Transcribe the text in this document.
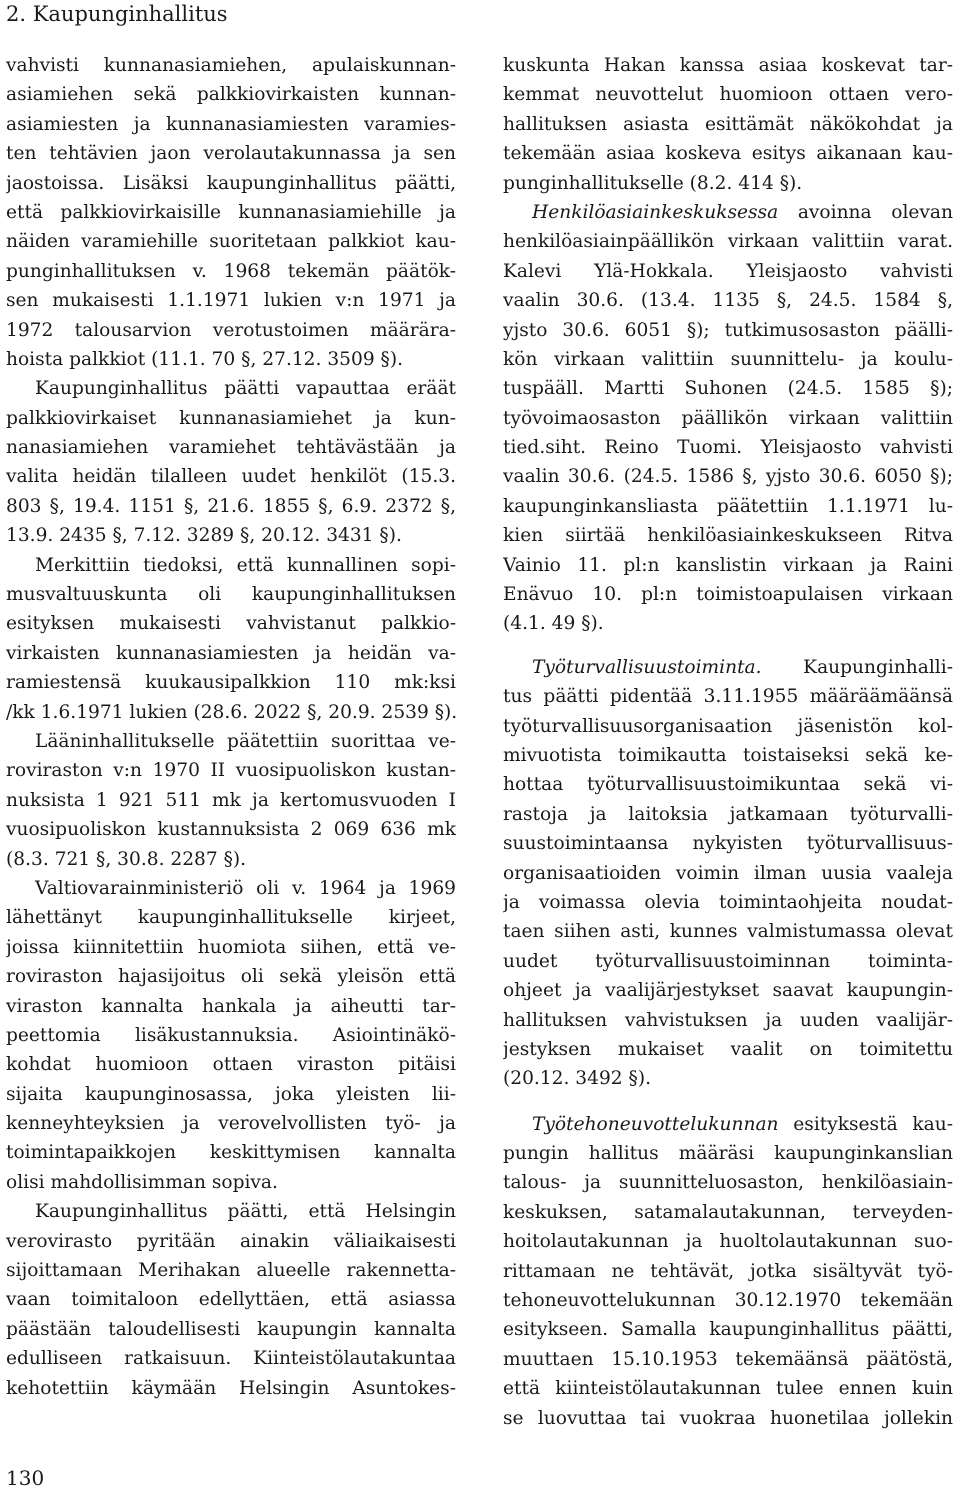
2. Kaupunginhallitus
vahvisti kunnanasiamiehen, apulaiskunnan-
asiamiehen sekä palkkiovirkaisten kunnan-
asiamiesten ja kunnanasiamiesten varamies-
ten tehtävien jaon verolautakunnassa ja sen
jaostoissa. Lisäksi kaupunginhallitus päätti,
että palkkiovirkaisille kunnanasiamiehille ja
näiden varamiehille suoritetaan palkkiot kau-
punginhallituksen v. 1968 tekemän päätök-
sen mukaisesti 1.1.1971 lukien v:n 1971 ja
1972 talousarvion verotustoimen määrära-
hoista palkkiot (11.1. 70 §, 27.12. 3509 §).
Kaupunginhallitus päätti vapauttaa eräät
palkkiovirkaiset kunnanasiamiehet ja kun-
nanasiamiehen varamiehet tehtävästään ja
valita heidän tilalleen uudet henkilöt (15.3.
803 §, 19.4. 1151 §, 21.6. 1855 §, 6.9. 2372 §,
13.9. 2435 §, 7.12. 3289 §, 20.12. 3431 §).
Merkittiin tiedoksi, että kunnallinen sopi-
musvaltuuskunta oli kaupunginhallituksen
esityksen mukaisesti vahvistanut palkkio-
virkaisten kunnanasiamiesten ja heidän va-
ramiestensä kuukausipalkkion 110 mk:ksi
/kk 1.6.1971 lukien (28.6. 2022 §, 20.9. 2539 §).
Lääninhallitukselle päätettiin suorittaa ve-
roviraston v:n 1970 II vuosipuoliskon kustan-
nuksista 1 921 511 mk ja kertomusvuoden I
vuosipuoliskon kustannuksista 2 069 636 mk
(8.3. 721 §, 30.8. 2287 §).
Valtiovarainministeriö oli v. 1964 ja 1969
lähettänyt kaupunginhallitukselle kirjeet,
joissa kiinnitettiin huomiota siihen, että ve-
roviraston hajasijoitus oli sekä yleisön että
viraston kannalta hankala ja aiheutti tar-
peettomia lisäkustannuksia. Asiointinäkö-
kohdat huomioon ottaen viraston pitäisi
sijaita kaupunginosassa, joka yleisten lii-
kenneyhteyksien ja verovelvollisten työ- ja
toimintapaikkojen keskittymisen kannalta
olisi mahdollisimman sopiva.
Kaupunginhallitus päätti, että Helsingin
verovirasto pyritään ainakin väliaikaisesti
sijoittamaan Merihakan alueelle rakennetta-
vaan toimitaloon edellyttäen, että asiassa
päästään taloudellisesti kaupungin kannalta
edulliseen ratkaisuun. Kiinteistölautakuntaa
kehotettiin käymään Helsingin Asuntokes-
kuskunta Hakan kanssa asiaa koskevat tar-
kemmat neuvottelut huomioon ottaen vero-
hallituksen asiasta esittämät näkökohdat ja
tekemään asiaa koskeva esitys aikanaan kau-
punginhallitukselle (8.2. 414 §).
Henkilöasiainkeskuksessa avoinna olevan
henkilöasiainpäällikön virkaan valittiin varat.
Kalevi Ylä-Hokkala. Yleisjaosto vahvisti
vaalin 30.6. (13.4. 1135 §, 24.5. 1584 §,
yjsto 30.6. 6051 §); tutkimusosaston päälli-
kön virkaan valittiin suunnittelu- ja koulu-
tuspääll. Martti Suhonen (24.5. 1585 §);
työvoimaosaston päällikön virkaan valittiin
tied.siht. Reino Tuomi. Yleisjaosto vahvisti
vaalin 30.6. (24.5. 1586 §, yjsto 30.6. 6050 §);
kaupunginkansliasta päätettiin 1.1.1971 lu-
kien siirtää henkilöasiainkeskukseen Ritva
Vainio 11. pl:n kanslistin virkaan ja Raini
Enävuo 10. pl:n toimistoapulaisen virkaan
(4.1. 49 §).
Työturvallisuustoiminta. Kaupunginhalli-
tus päätti pidentää 3.11.1955 määräämäänsä
työturvallisuusorganisaation jäsenistön kol-
mivuotista toimikautta toistaiseksi sekä ke-
hottaa työturvallisuustoimikuntaa sekä vi-
rastoja ja laitoksia jatkamaan työturvalli-
suustoimintaansa nykyisten työturvallisuus-
organisaatioiden voimin ilman uusia vaaleja
ja voimassa olevia toimintaohjeita noudat-
taen siihen asti, kunnes valmistumassa olevat
uudet työturvallisuustoiminnan toiminta-
ohjeet ja vaalijärjestykset saavat kaupungin-
hallituksen vahvistuksen ja uuden vaalijär-
jestyksen mukaiset vaalit on toimitettu
(20.12. 3492 §).
Työtehoneuvottelukunnan esityksestä kau-
pungin hallitus määräsi kaupunginkanslian
talous- ja suunnitteluosaston, henkilöasiain-
keskuksen, satamalautakunnan, terveyden-
hoitolautakunnan ja huoltolautakunnan suo-
rittamaan ne tehtävät, jotka sisältyvät työ-
tehoneuvottelukunnan 30.12.1970 tekemään
esitykseen. Samalla kaupunginhallitus päätti,
muuttaen 15.10.1953 tekemäänsä päätöstä,
että kiinteistölautakunnan tulee ennen kuin
se luovuttaa tai vuokraa huonetilaa jollekin
130
